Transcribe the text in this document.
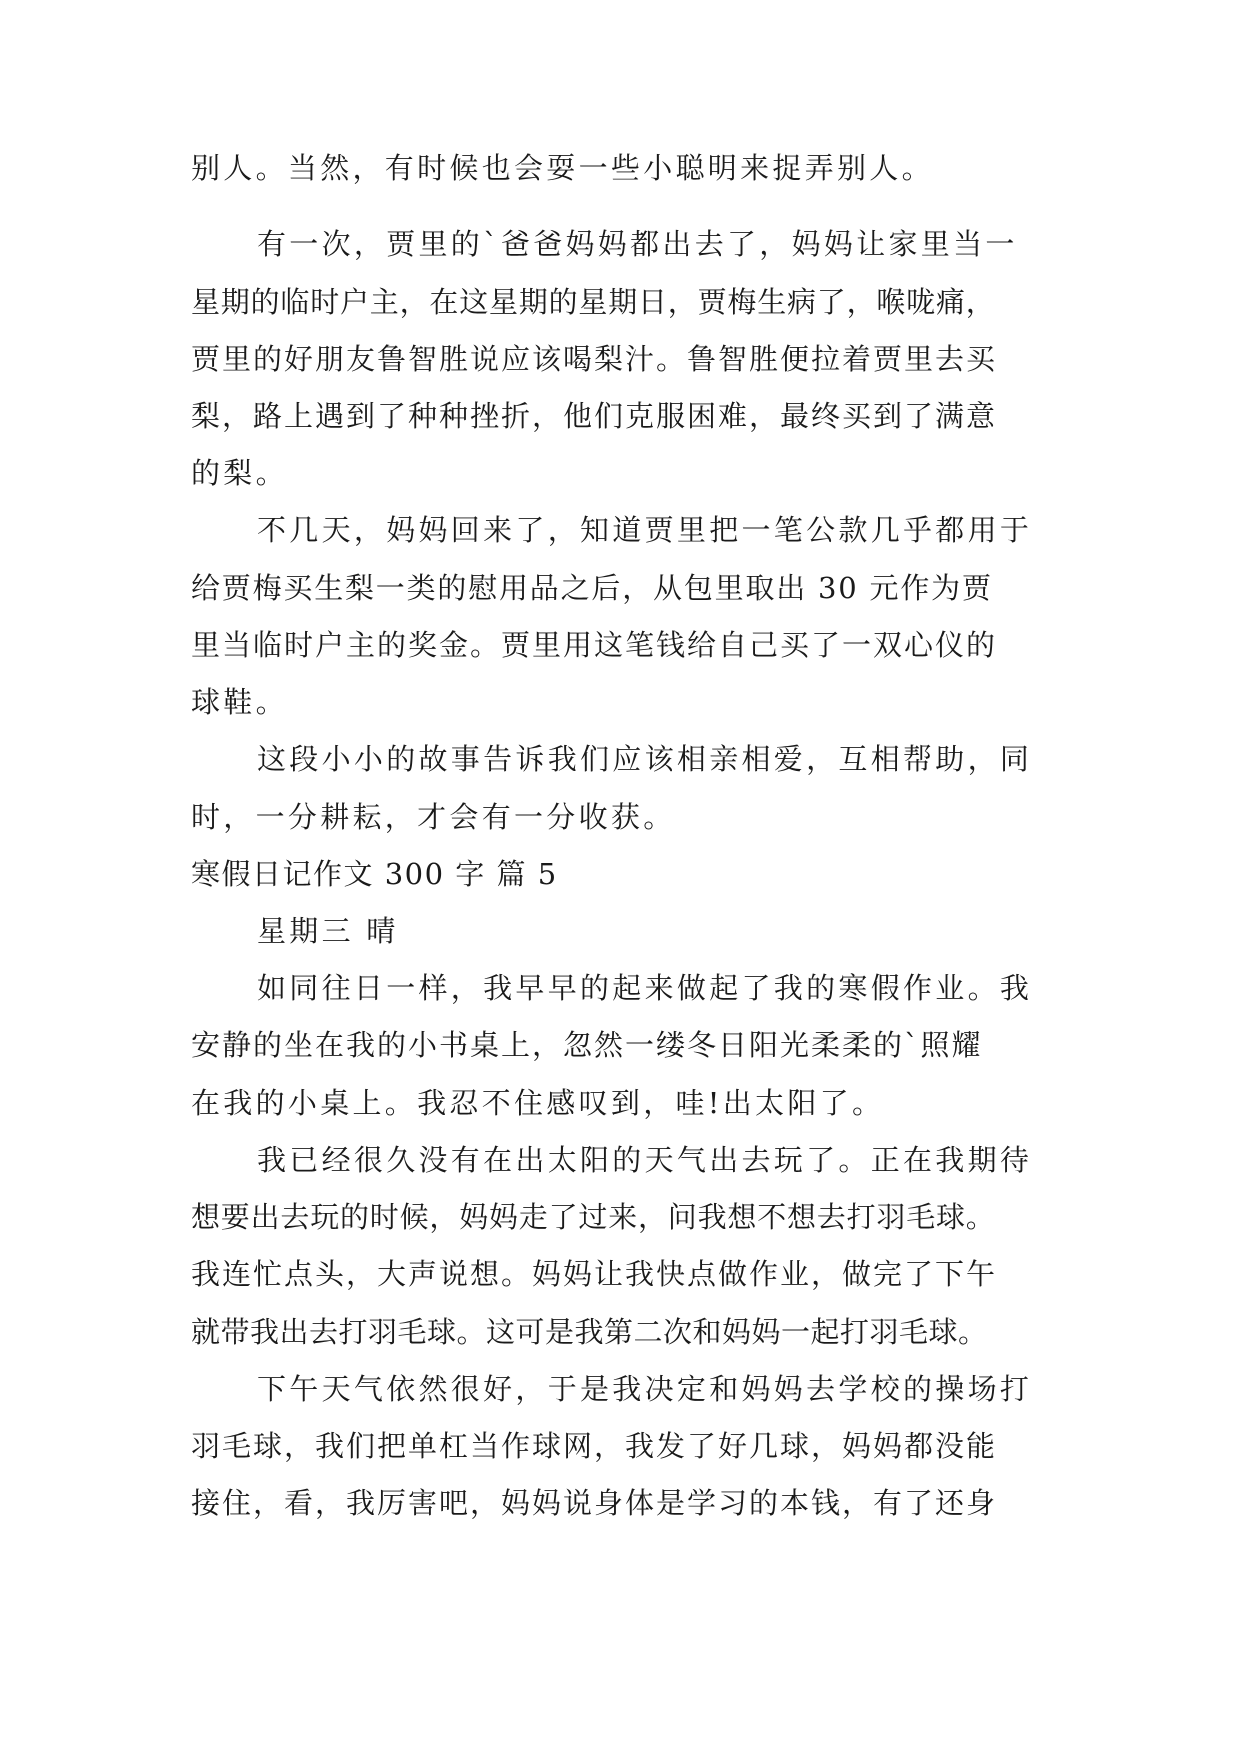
别人。当然，有时候也会耍一些小聪明来捉弄别人。
有一次，贾里的`爸爸妈妈都出去了，妈妈让家里当一
星期的临时户主，在这星期的星期日，贾梅生病了，喉咙痛，
贾里的好朋友鲁智胜说应该喝梨汁。鲁智胜便拉着贾里去买
梨，路上遇到了种种挫折，他们克服困难，最终买到了满意
的梨。
不几天，妈妈回来了，知道贾里把一笔公款几乎都用于
给贾梅买生梨一类的慰用品之后，从包里取出 30 元作为贾
里当临时户主的奖金。贾里用这笔钱给自己买了一双心仪的
球鞋。
这段小小的故事告诉我们应该相亲相爱，互相帮助，同
时，一分耕耘，才会有一分收获。
寒假日记作文 300 字 篇 5
星期三 晴
如同往日一样，我早早的起来做起了我的寒假作业。我
安静的坐在我的小书桌上，忽然一缕冬日阳光柔柔的`照耀
在我的小桌上。我忍不住感叹到，哇!出太阳了。
我已经很久没有在出太阳的天气出去玩了。正在我期待
想要出去玩的时候，妈妈走了过来，问我想不想去打羽毛球。
我连忙点头，大声说想。妈妈让我快点做作业，做完了下午
就带我出去打羽毛球。这可是我第二次和妈妈一起打羽毛球。
下午天气依然很好，于是我决定和妈妈去学校的操场打
羽毛球，我们把单杠当作球网，我发了好几球，妈妈都没能
接住，看，我厉害吧，妈妈说身体是学习的本钱，有了还身
